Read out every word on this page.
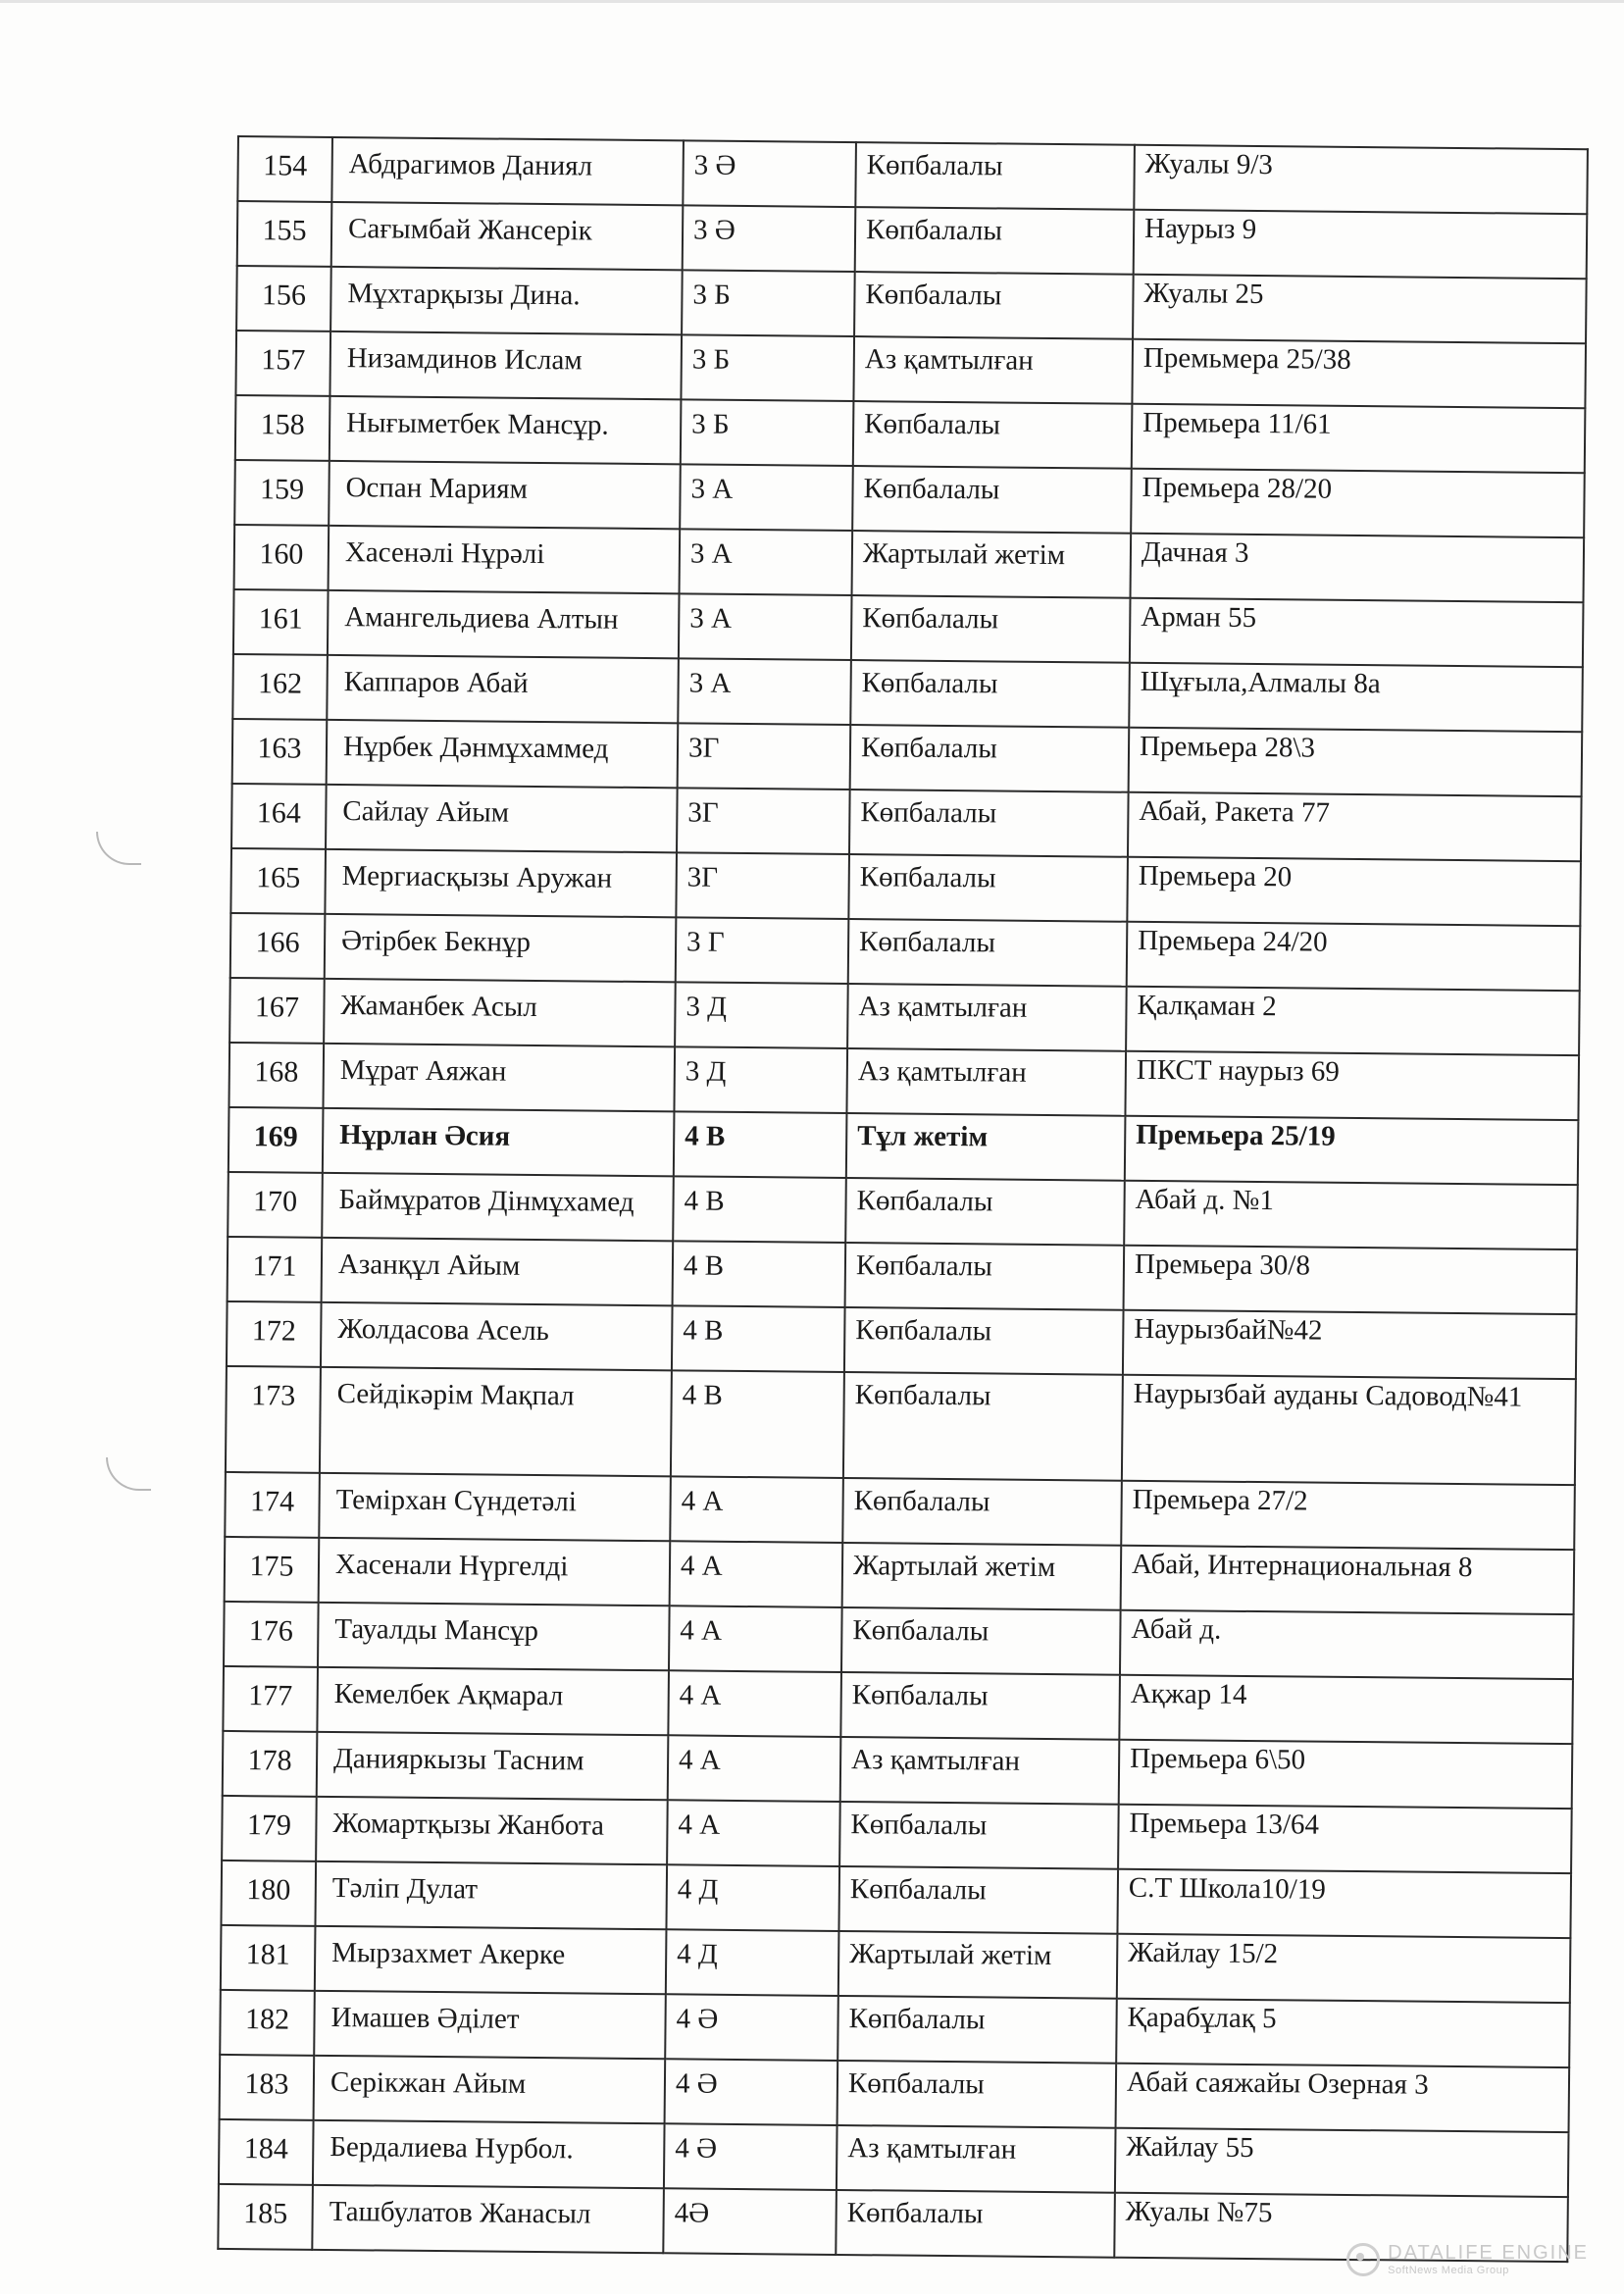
154	Абдрагимов Даниял	3 Ә	Көпбалалы	Жуалы 9/3
155	Сағымбай Жансерік	3 Ә	Көпбалалы	Наурыз 9
156	Мұхтарқызы Дина.	3 Б	Көпбалалы	Жуалы 25
157	Низамдинов Ислам	3 Б	Аз қамтылған	Премьмера 25/38
158	Нығыметбек Мансұр.	3 Б	Көпбалалы	Премьера 11/61
159	Оспан Мариям	3 А	Көпбалалы	Премьера 28/20
160	Хасенәлі Нұрәлі	3 А	Жартылай жетім	Дачная 3
161	Амангельдиева Алтын	3 А	Көпбалалы	Арман 55
162	Каппаров Абай	3 А	Көпбалалы	Шұғыла,Алмалы 8а
163	Нұрбек Дәнмұхаммед	3Г	Көпбалалы	Премьера 28\3
164	Сайлау Айым	3Г	Көпбалалы	Абай, Ракета 77
165	Мергиасқызы Аружан	3Г	Көпбалалы	Премьера 20
166	Әтірбек Бекнұр	3 Г	Көпбалалы	Премьера 24/20
167	Жаманбек Асыл	3 Д	Аз қамтылған	Қалқаман 2
168	Мұрат Аяжан	3 Д	Аз қамтылған	ПКСТ наурыз 69
169	Нұрлан Әсия	4 В	Тұл жетім	Премьера 25/19
170	Баймұратов Дінмұхамед	4 В	Көпбалалы	Абай д. №1
171	Азанқұл Айым	4 В	Көпбалалы	Премьера 30/8
172	Жолдасова Асель	4 В	Көпбалалы	Наурызбай№42
173	Сейдікәрім Мақпал	4 В	Көпбалалы	Наурызбай ауданы Садовод№41
174	Темірхан Сүндетәлі	4 А	Көпбалалы	Премьера 27/2
175	Хасенали Нүргелді	4 А	Жартылай жетім	Абай, Интернациональная 8
176	Тауалды Мансұр	4 А	Көпбалалы	Абай д.
177	Кемелбек Ақмарал	4 А	Көпбалалы	Ақжар 14
178	Данияркызы Тасним	4 А	Аз қамтылған	Премьера 6\50
179	Жомартқызы Жанбота	4 А	Көпбалалы	Премьера 13/64
180	Тәліп Дулат	4 Д	Көпбалалы	С.Т Школа10/19
181	Мырзахмет Акерке	4 Д	Жартылай жетім	Жайлау 15/2
182	Имашев Әділет	4 Ә	Көпбалалы	Қарабұлақ 5
183	Серікжан Айым	4 Ә	Көпбалалы	Абай саяжайы Озерная 3
184	Бердалиева Нурбол.	4 Ә	Аз қамтылған	Жайлау 55
185	Ташбулатов Жанасыл	4Ә	Көпбалалы	Жуалы №75
DATALIFE ENGINE
SoftNews Media Group
